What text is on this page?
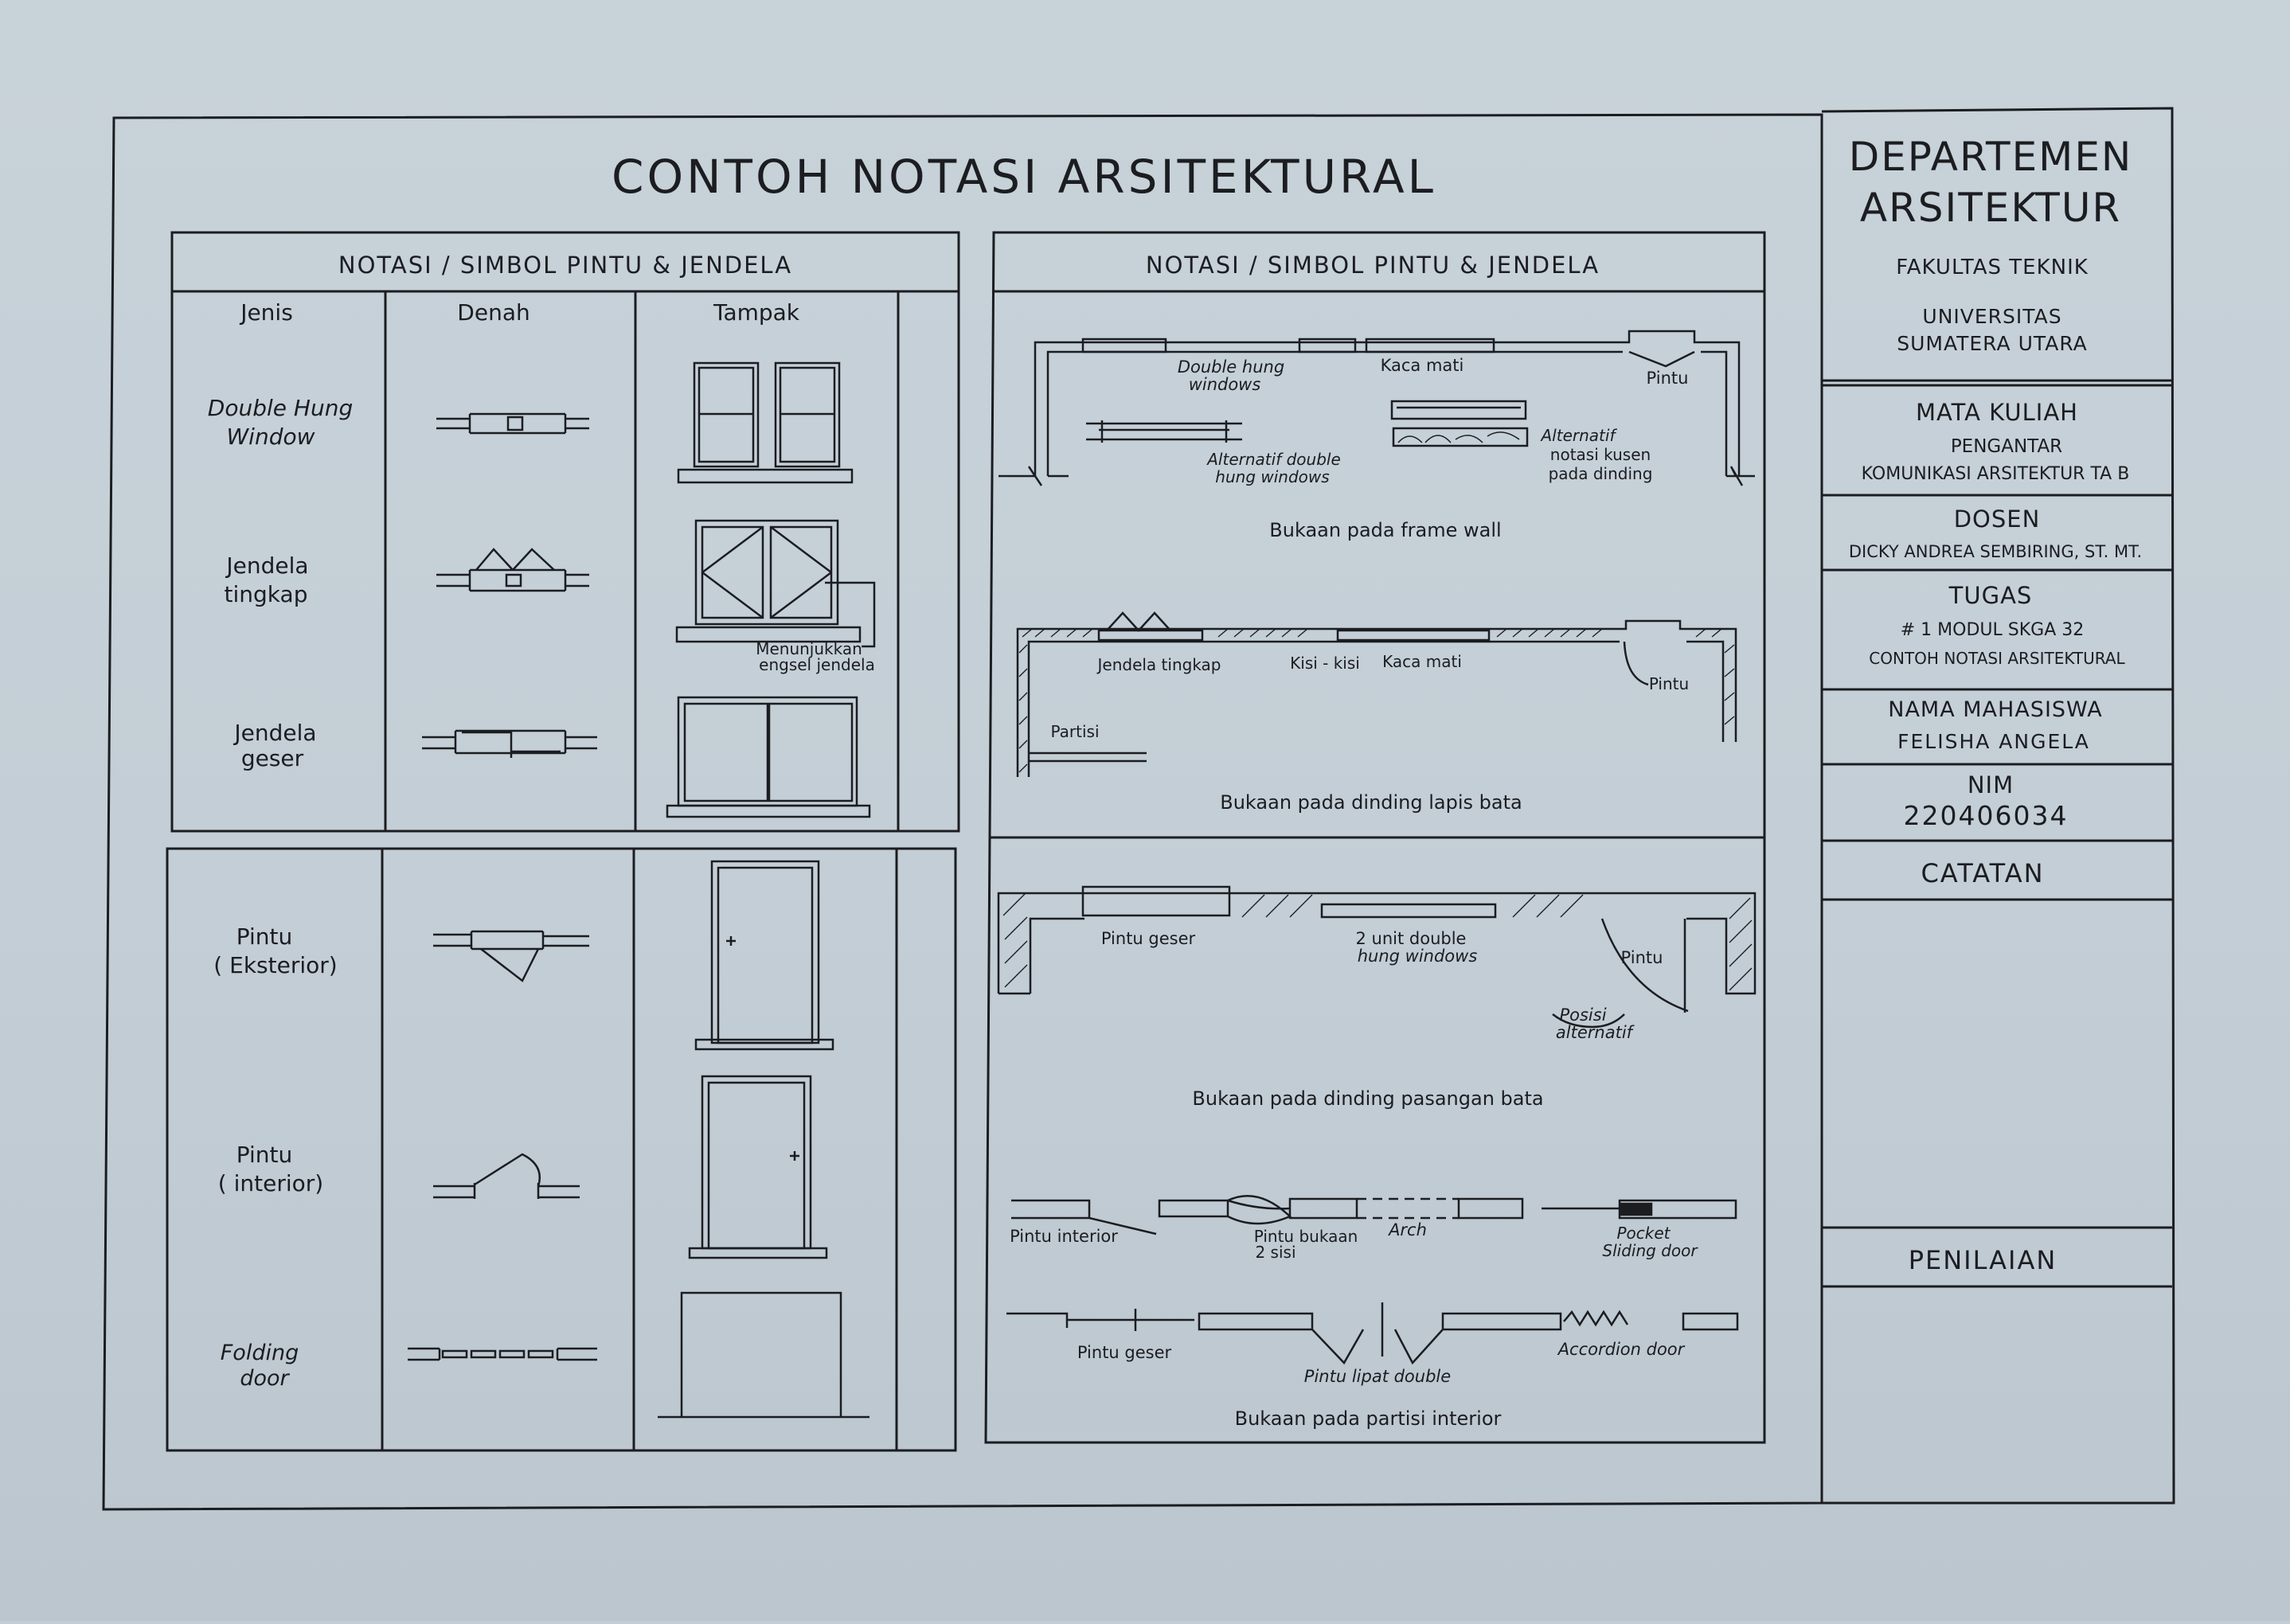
CONTOH NOTASI ARSITEKTURAL
NOTASI / SIMBOL PINTU & JENDELA
Jenis	Denah	Tampak
Double Hung
Window
Jendela
tingkap
Jendela
geser
Pintu
( Eksterior)
Pintu
( interior)
Folding
door
Menunjukkan
engsel jendela
NOTASI / SIMBOL PINTU & JENDELA
Double hung
windows
Kaca mati
Pintu
Alternatif double
hung windows
Alternatif
notasi kusen
pada dinding
Bukaan pada frame wall
Jendela tingkap	Kisi - kisi Kaca mati
Pintu
Partisi
Bukaan pada dinding lapis bata
Pintu geser	2 unit double
hung windows	Pintu
Posisi
alternatif
Bukaan pada dinding pasangan bata
Pintu interior	Pintu bukaan
2 sisi
Arch	Pocket
Sliding door
Pintu geser
Pintu lipat double
Accordion door
Bukaan pada partisi interior
DEPARTEMEN
ARSITEKTUR
FAKULTAS TEKNIK
UNIVERSITAS
SUMATERA UTARA
MATA KULIAH
PENGANTAR
KOMUNIKASI ARSITEKTUR TA B
DOSEN
DICKY ANDREA SEMBIRING, ST. MT.
TUGAS
# 1 MODUL SKGA 32
CONTOH NOTASI ARSITEKTURAL
NAMA MAHASISWA
FELISHA ANGELA
NIM
220406034
CATATAN
PENILAIAN
